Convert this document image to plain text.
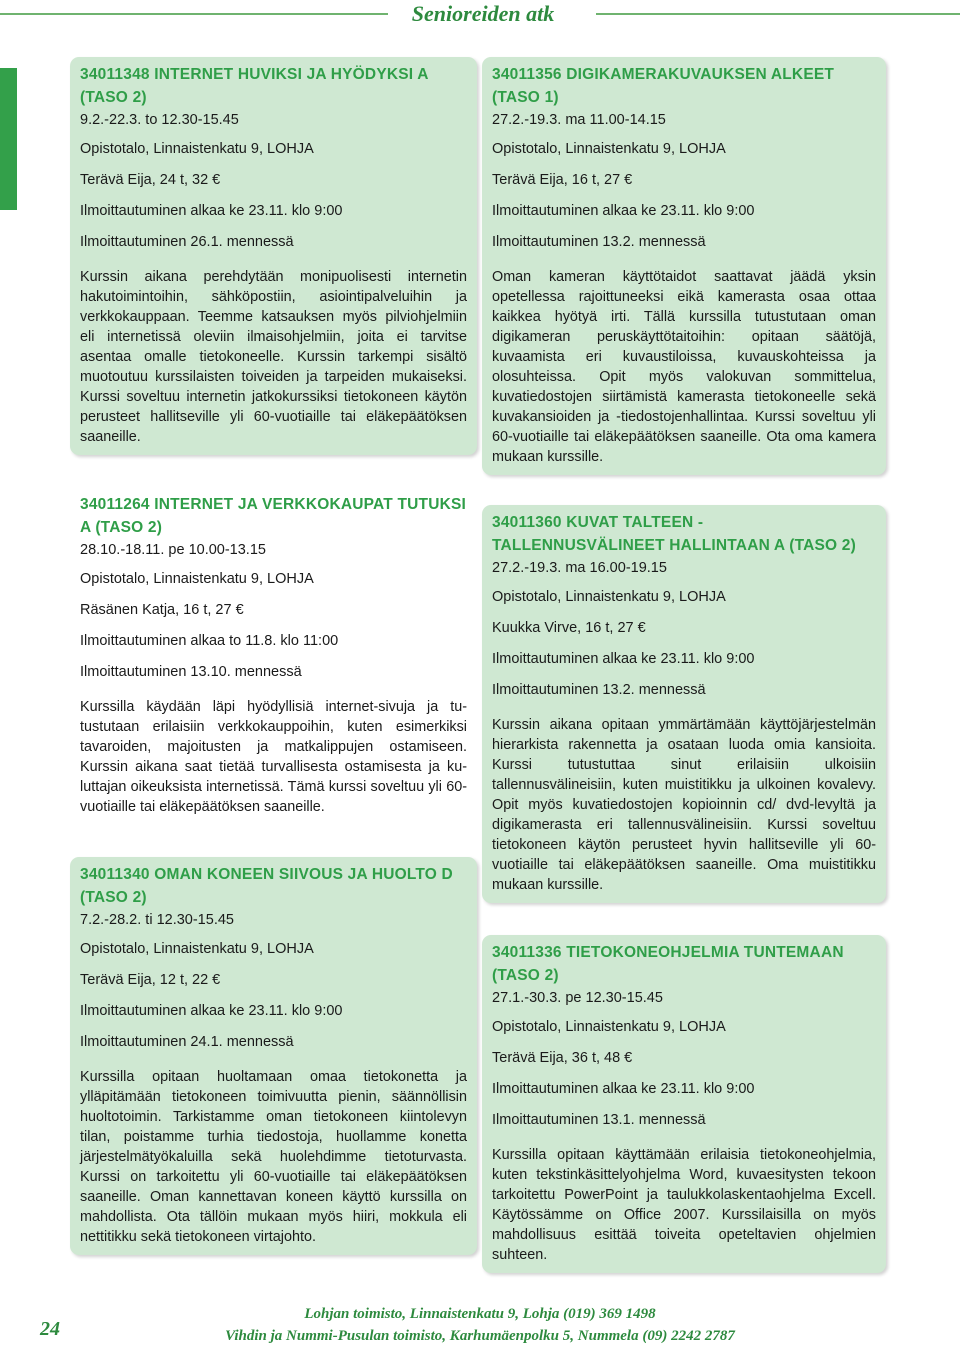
Senioreiden atk

34011348 INTERNET HUVIKSI JA HYÖDYKSI A (TASO 2)

9.2.-22.3. to 12.30-15.45

Opistotalo, Linnaistenkatu 9, LOHJA

Terävä Eija, 24 t, 32 €

Ilmoittautuminen alkaa ke 23.11. klo 9:00

Ilmoittautuminen 26.1. mennessä

Kurssin aikana perehdytään monipuolisesti internetin hakutoimintoihin, sähköpostiin, asiointipalveluihin ja verkkokauppaan. Teemme katsauksen myös pilviohjelmiin eli internetissä oleviin ilmaisohjelmiin, joita ei tarvitse asentaa omalle tietokoneelle. Kurssin tarkempi sisältö muotoutuu kurssilaisten toiveiden ja tarpeiden mukaiseksi. Kurssi soveltuu internetin jatkokurssiksi tietokoneen käytön perusteet hallitseville yli 60-vuotiaille tai eläkepäätöksen saaneille.

34011264 INTERNET JA VERKKOKAUPAT TUTUKSI A (TASO 2)

28.10.-18.11. pe 10.00-13.15

Opistotalo, Linnaistenkatu 9, LOHJA

Räsänen Katja, 16 t, 27 €

Ilmoittautuminen alkaa to 11.8. klo 11:00

Ilmoittautuminen 13.10. mennessä

Kurssilla käydään läpi hyödyllisiä internet-sivuja ja tutustutaan erilaisiin verkkokauppoihin, kuten esimerkiksi tavaroiden, majoitusten ja matkalippujen ostamiseen. Kurssin aikana saat tietää turvallisesta ostamisesta ja kuluttajan oikeuksista internetissä. Tämä kurssi soveltuu yli 60-vuotiaille tai eläkepäätöksen saaneille.

34011340 OMAN KONEEN SIIVOUS JA HUOLTO D (TASO 2)

7.2.-28.2. ti 12.30-15.45

Opistotalo, Linnaistenkatu 9, LOHJA

Terävä Eija, 12 t, 22 €

Ilmoittautuminen alkaa ke 23.11. klo 9:00

Ilmoittautuminen 24.1. mennessä

Kurssilla opitaan huoltamaan omaa tietokonetta ja ylläpitämään tietokoneen toimivuutta pienin, säännöllisin huoltotoimin. Tarkistamme oman tietokoneen kiintolevyn tilan, poistamme turhia tiedostoja, huollamme konetta järjestelmätyökaluilla sekä huolehdimme tietoturvasta. Kurssi on tarkoitettu yli 60-vuotiaille tai eläkepäätöksen saaneille. Oman kannettavan koneen käyttö kurssilla on mahdollista. Ota tällöin mukaan myös hiiri, mokkula eli nettitikku sekä tietokoneen virtajohto.

34011356 DIGIKAMERAKUVAUKSEN ALKEET (TASO 1)

27.2.-19.3. ma 11.00-14.15

Opistotalo, Linnaistenkatu 9, LOHJA

Terävä Eija, 16 t, 27 €

Ilmoittautuminen alkaa ke 23.11. klo 9:00

Ilmoittautuminen 13.2. mennessä

Oman kameran käyttötaidot saattavat jäädä yksin opetellessa rajoittuneeksi eikä kamerasta osaa ottaa kaikkea hyötyä irti. Tällä kurssilla tutustutaan oman digikameran peruskäyttötaitoihin: opitaan säätöjä, kuvaamista eri kuvaustiloissa, kuvauskohteissa ja olosuhteissa. Opit myös valokuvan sommittelua, kuvatiedostojen siirtämistä kamerasta tietokoneelle sekä kuvakansioiden ja -tiedostojenhallintaa. Kurssi soveltuu yli 60-vuotiaille tai eläkepäätöksen saaneille. Ota oma kamera mukaan kurssille.

34011360 KUVAT TALTEEN - TALLENNUSVÄLINEET HALLINTAAN A (TASO 2)

27.2.-19.3. ma 16.00-19.15

Opistotalo, Linnaistenkatu 9, LOHJA

Kuukka Virve, 16 t, 27 €

Ilmoittautuminen alkaa ke 23.11. klo 9:00

Ilmoittautuminen 13.2. mennessä

Kurssin aikana opitaan ymmärtämään käyttöjärjestelmän hierarkista rakennetta ja osataan luoda omia kansioita. Kurssi tutustuttaa sinut erilaisiin ulkoisiin tallennusvälineisiin, kuten muistitikku ja ulkoinen kovalevy. Opit myös kuvatiedostojen kopioinnin cd/ dvd-levyltä ja digikamerasta eri tallennusvälineisiin. Kurssi soveltuu tietokoneen käytön perusteet hyvin hallitseville yli 60-vuotiaille tai eläkepäätöksen saaneille. Oma muistitikku mukaan kurssille.

34011336 TIETOKONEOHJELMIA TUNTEMAAN (TASO 2)

27.1.-30.3. pe 12.30-15.45

Opistotalo, Linnaistenkatu 9, LOHJA

Terävä Eija, 36 t, 48 €

Ilmoittautuminen alkaa ke 23.11. klo 9:00

Ilmoittautuminen 13.1. mennessä

Kurssilla opitaan käyttämään erilaisia tietokoneohjelmia, kuten tekstinkäsittelyohjelma Word, kuvaesitysten tekoon tarkoitettu PowerPoint ja taulukkolaskentaohjelma Excell. Käytössämme on Office 2007. Kurssilaisilla on myös mahdollisuus esittää toiveita opeteltavien ohjelmien suhteen.

24
Lohjan toimisto, Linnaistenkatu 9, Lohja (019) 369 1498
Vihdin ja Nummi-Pusulan toimisto, Karhumäenpolku 5, Nummela (09) 2242 2787
